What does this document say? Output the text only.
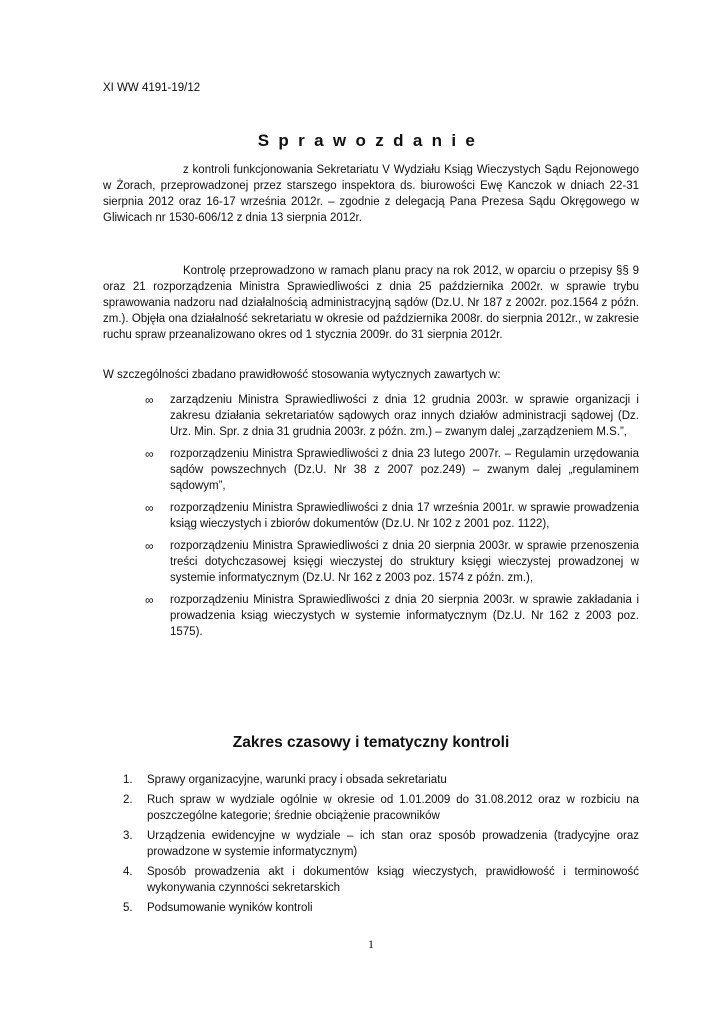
XI WW 4191-19/12
Sprawozdanie

z kontroli funkcjonowania Sekretariatu V Wydziału Ksiąg Wieczystych Sądu Rejonowego w Żorach, przeprowadzonej przez starszego inspektora ds. biurowości Ewę Kanczok w dniach 22-31 sierpnia 2012 oraz 16-17 września 2012r. – zgodnie z delegacją Pana Prezesa Sądu Okręgowego w Gliwicach nr 1530-606/12 z dnia 13 sierpnia 2012r.

Kontrolę przeprowadzono w ramach planu pracy na rok 2012, w oparciu o przepisy §§ 9 oraz 21 rozporządzenia Ministra Sprawiedliwości z dnia 25 października 2002r. w sprawie trybu sprawowania nadzoru nad działalnością administracyjną sądów (Dz.U. Nr 187 z 2002r. poz.1564 z późn. zm.). Objęła ona działalność sekretariatu w okresie od października 2008r. do sierpnia 2012r., w zakresie ruchu spraw przeanalizowano okres od 1 stycznia 2009r. do 31 sierpnia 2012r.

W szczególności zbadano prawidłowość stosowania wytycznych zawartych w:
∞ zarządzeniu Ministra Sprawiedliwości z dnia 12 grudnia 2003r. w sprawie organizacji i zakresu działania sekretariatów sądowych oraz innych działów administracji sądowej (Dz. Urz. Min. Spr. z dnia 31 grudnia 2003r. z późn. zm.) – zwanym dalej „zarządzeniem M.S.”,
∞ rozporządzeniu Ministra Sprawiedliwości z dnia 23 lutego 2007r. – Regulamin urzędowania sądów powszechnych (Dz.U. Nr 38 z 2007 poz.249) – zwanym dalej „regulaminem sądowym”,
∞ rozporządzeniu Ministra Sprawiedliwości z dnia 17 września 2001r. w sprawie prowadzenia ksiąg wieczystych i zbiorów dokumentów (Dz.U. Nr 102 z 2001 poz. 1122),
∞ rozporządzeniu Ministra Sprawiedliwości z dnia 20 sierpnia 2003r. w sprawie przenoszenia treści dotychczasowej księgi wieczystej do struktury księgi wieczystej prowadzonej w systemie informatycznym (Dz.U. Nr 162 z 2003 poz. 1574 z późn. zm.),
∞ rozporządzeniu Ministra Sprawiedliwości z dnia 20 sierpnia 2003r. w sprawie zakładania i prowadzenia ksiąg wieczystych w systemie informatycznym (Dz.U. Nr 162 z 2003 poz. 1575).
Zakres czasowy i tematyczny kontroli
1. Sprawy organizacyjne, warunki pracy i obsada sekretariatu
2. Ruch spraw w wydziale ogólnie w okresie od 1.01.2009 do 31.08.2012 oraz w rozbiciu na poszczególne kategorie; średnie obciążenie pracowników
3. Urządzenia ewidencyjne w wydziale – ich stan oraz sposób prowadzenia (tradycyjne oraz prowadzone w systemie informatycznym)
4. Sposób prowadzenia akt i dokumentów ksiąg wieczystych, prawidłowość i terminowość wykonywania czynności sekretarskich
5. Podsumowanie wyników kontroli
1
